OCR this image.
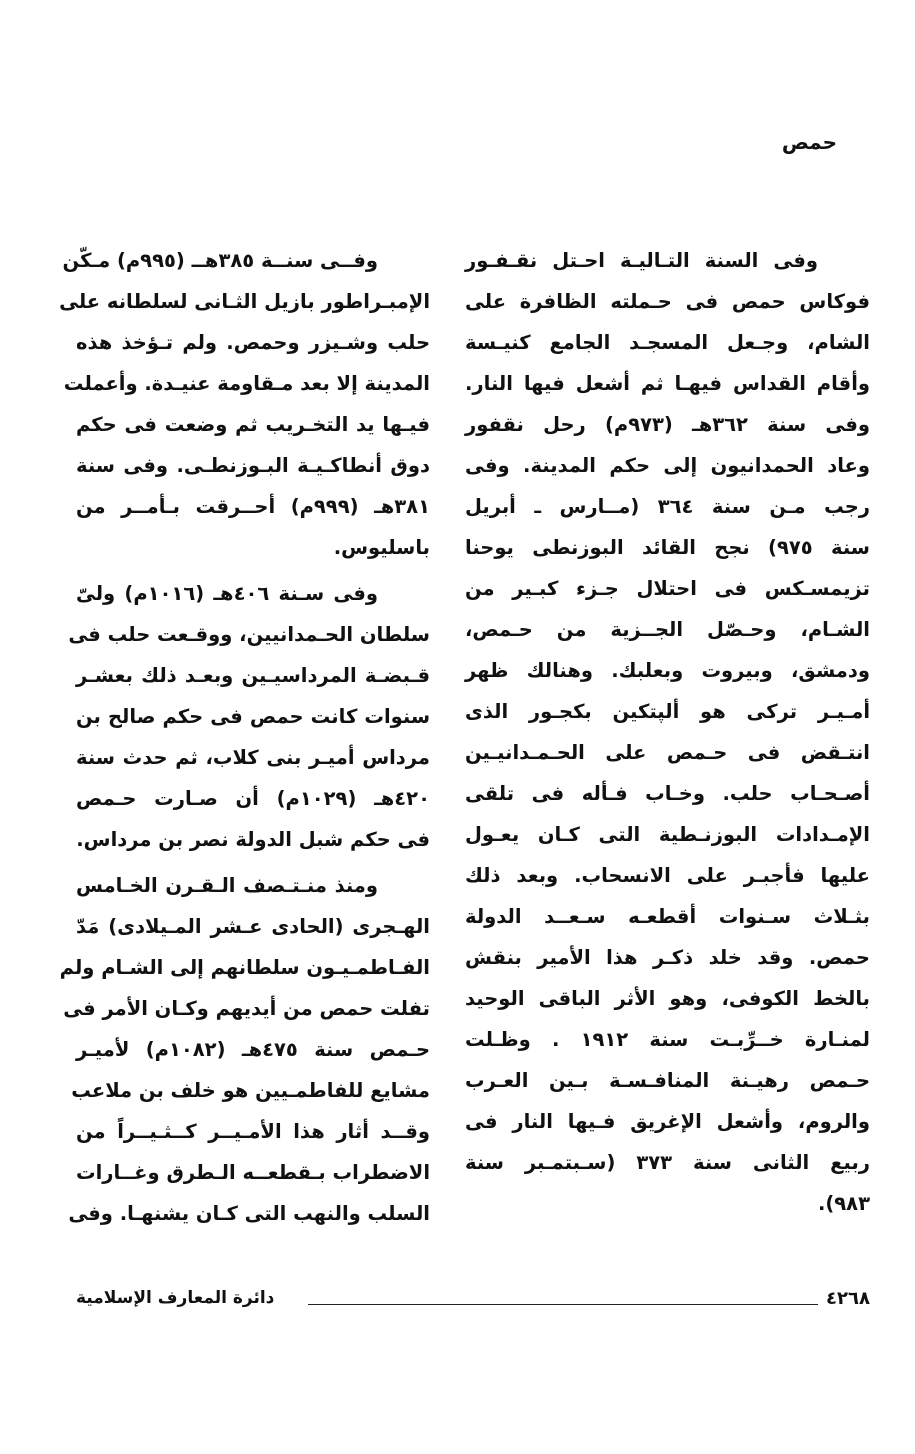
حمص
وفى السنة التـاليـة احـتل نقـفـور
فوكاس حمص فى حـملته الظافرة على
الشام، وجـعل المسجـد الجامع كنيـسة
وأقام القداس فيهـا ثم أشعل فيها النار.
وفى سنة ٣٦٢هـ (٩٧٣م) رحل نقفور
وعاد الحمدانيون إلى حكم المدينة. وفى
رجب مـن سنة ٣٦٤ (مــارس ـ أبريل
سنة ٩٧٥) نجح القائد البوزنطى يوحنا
تزيمسـكس فى احتلال جـزء كبـير من
الشـام، وحـصّل الجــزية من حـمص،
ودمشق، وبيروت وبعلبك. وهنالك ظهر
أمـيـر تركى هو ألپتكين بكجـور الذى
انتـقض فى حـمص على الحـمـدانيـين
أصـحـاب حلب. وخـاب فـأله فى تلقى
الإمـدادات البوزنـطية التى كـان يعـول
عليها فأجبـر على الانسحاب. وبعد ذلك
بثـلاث سـنوات أقطعـه سـعــد الدولة
حمص. وقد خلد ذكـر هذا الأمير بنقش
بالخط الكوفى، وهو الأثر الباقى الوحيد
لمنـارة خــرِّبـت سنة ١٩١٢ . وظـلت
حـمص رهيـنة المنافـسـة بـين العـرب
والروم، وأشعل الإغريق فـيها النار فى
ربيع الثانى سنة ٣٧٣ (سـبتمـبر سنة
٩٨٣).
وفــى سنــة ٣٨٥هــ (٩٩٥م) مـكّن
الإمبـراطور بازيل الثـانى لسلطانه على
حلب وشـيزر وحمص. ولم تـؤخذ هذه
المدينة إلا بعد مـقاومة عنيـدة. وأعملت
فيـها يد التخـريب ثم وضعت فى حكم
دوق أنطاكـيـة البـوزنطـى. وفى سنة
٣٨١هـ (٩٩٩م) أحــرقت بـأمــر من
باسليوس.
وفى سـنة ٤٠٦هـ (١٠١٦م) ولىّ
سلطان الحـمدانيين، ووقـعت حلب فى
قـبضـة المرداسيـين وبعـد ذلك بعشـر
سنوات كانت حمص فى حكم صالح بن
مرداس أميـر بنى كلاب، ثم حدث سنة
٤٢٠هـ (١٠٢٩م) أن صـارت حـمص
فى حكم شبل الدولة نصر بن مرداس.
ومنذ منـتـصف الـقـرن الخـامس
الهـجرى (الحادى عـشر المـيلادى) مَدّ
الفـاطمـيـون سلطانهم إلى الشـام ولم
تفلت حمص من أيديهم وكـان الأمر فى
حـمص سنة ٤٧٥هـ (١٠٨٢م) لأميـر
مشايع للفاطمـيين هو خلف بن ملاعب
وقــد أثار هذا الأمـيــر كــثـيــراً من
الاضطراب بـقطعــه الـطرق وغــارات
السلب والنهب التى كـان يشنهـا. وفى
٤٢٦٨
دائرة المعارف الإسلامية
